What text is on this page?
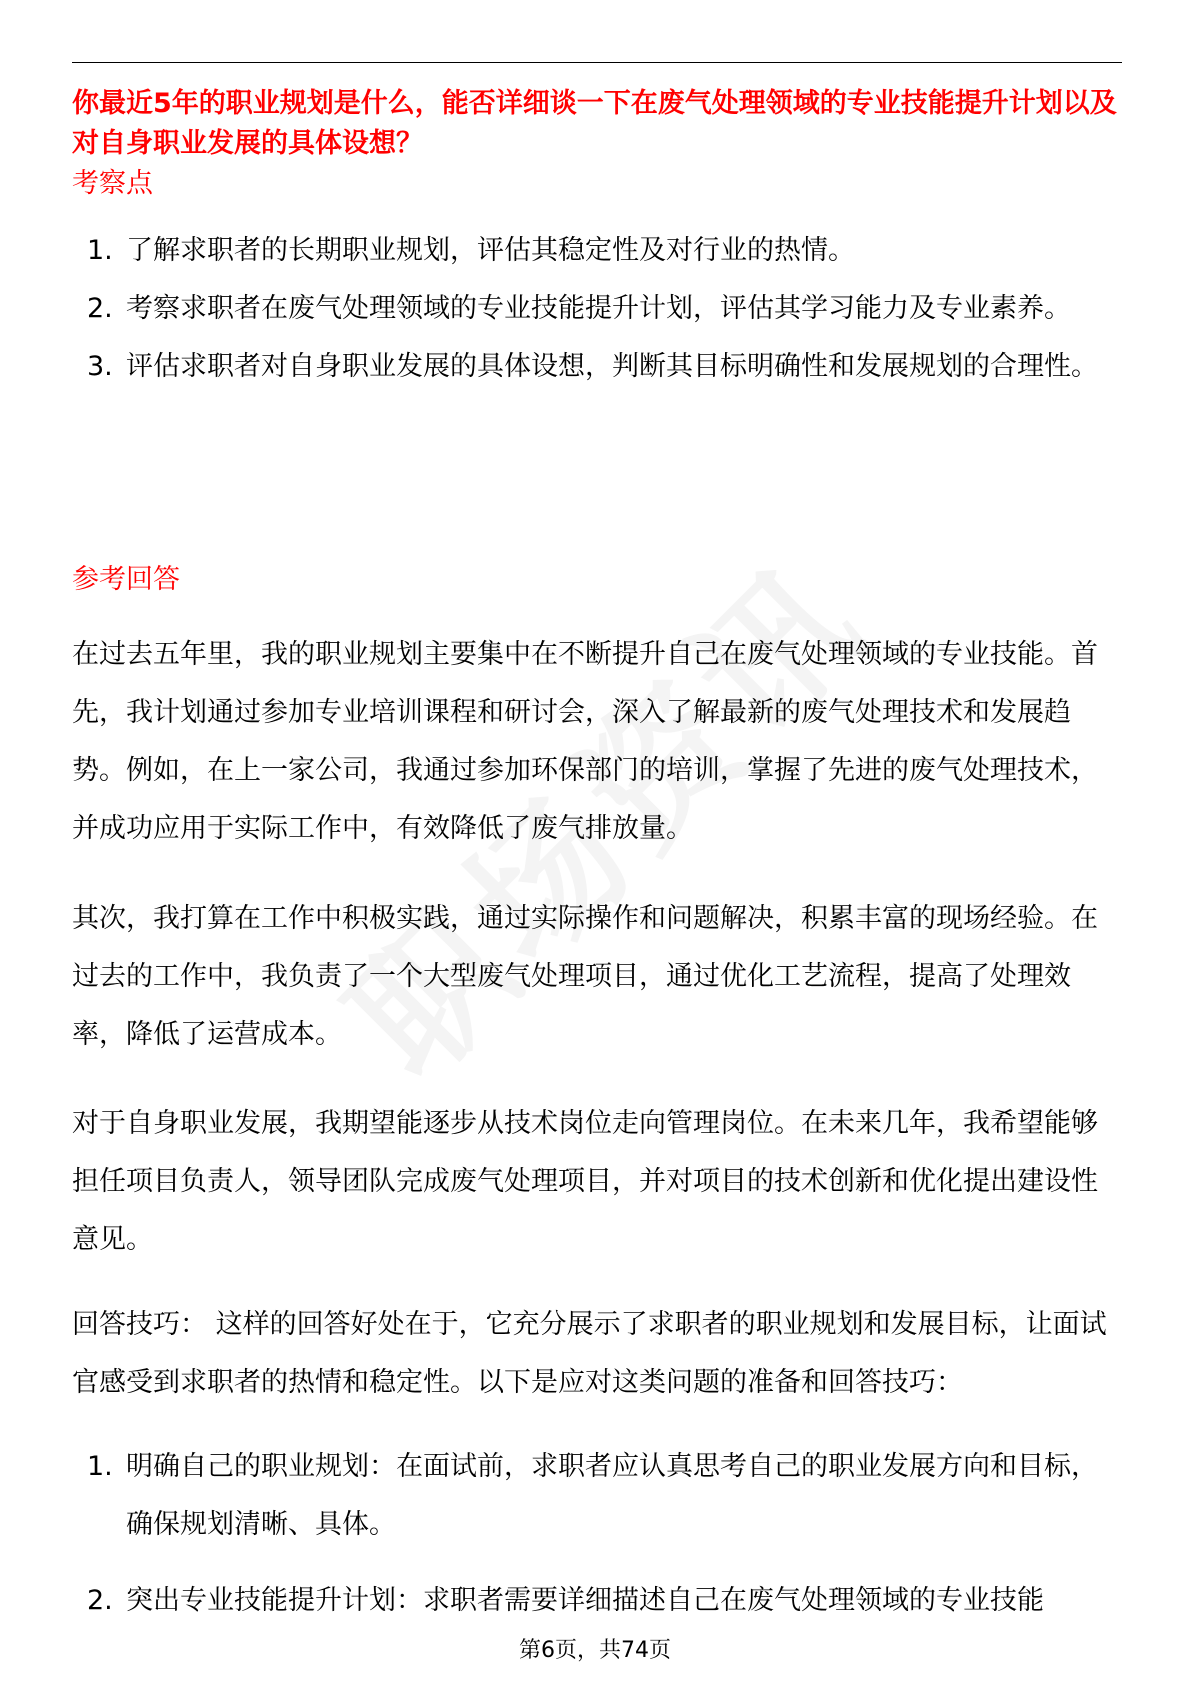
你最近5年的职业规划是什么，能否详细谈一下在废气处理领域的专业技能提升计划以及对自身职业发展的具体设想？
考察点
1. 了解求职者的长期职业规划，评估其稳定性及对行业的热情。
2. 考察求职者在废气处理领域的专业技能提升计划，评估其学习能力及专业素养。
3. 评估求职者对自身职业发展的具体设想，判断其目标明确性和发展规划的合理性。
参考回答

在过去五年里，我的职业规划主要集中在不断提升自己在废气处理领域的专业技能。首先，我计划通过参加专业培训课程和研讨会，深入了解最新的废气处理技术和发展趋势。例如，在上一家公司，我通过参加环保部门的培训，掌握了先进的废气处理技术，并成功应用于实际工作中，有效降低了废气排放量。

其次，我打算在工作中积极实践，通过实际操作和问题解决，积累丰富的现场经验。在过去的工作中，我负责了一个大型废气处理项目，通过优化工艺流程，提高了处理效率，降低了运营成本。

对于自身职业发展，我期望能逐步从技术岗位走向管理岗位。在未来几年，我希望能够担任项目负责人，领导团队完成废气处理项目，并对项目的技术创新和优化提出建设性意见。

回答技巧： 这样的回答好处在于，它充分展示了求职者的职业规划和发展目标，让面试官感受到求职者的热情和稳定性。以下是应对这类问题的准备和回答技巧：

1. 明确自己的职业规划：在面试前，求职者应认真思考自己的职业发展方向和目标，确保规划清晰、具体。
2. 突出专业技能提升计划：求职者需要详细描述自己在废气处理领域的专业技能
第6页，共74页
